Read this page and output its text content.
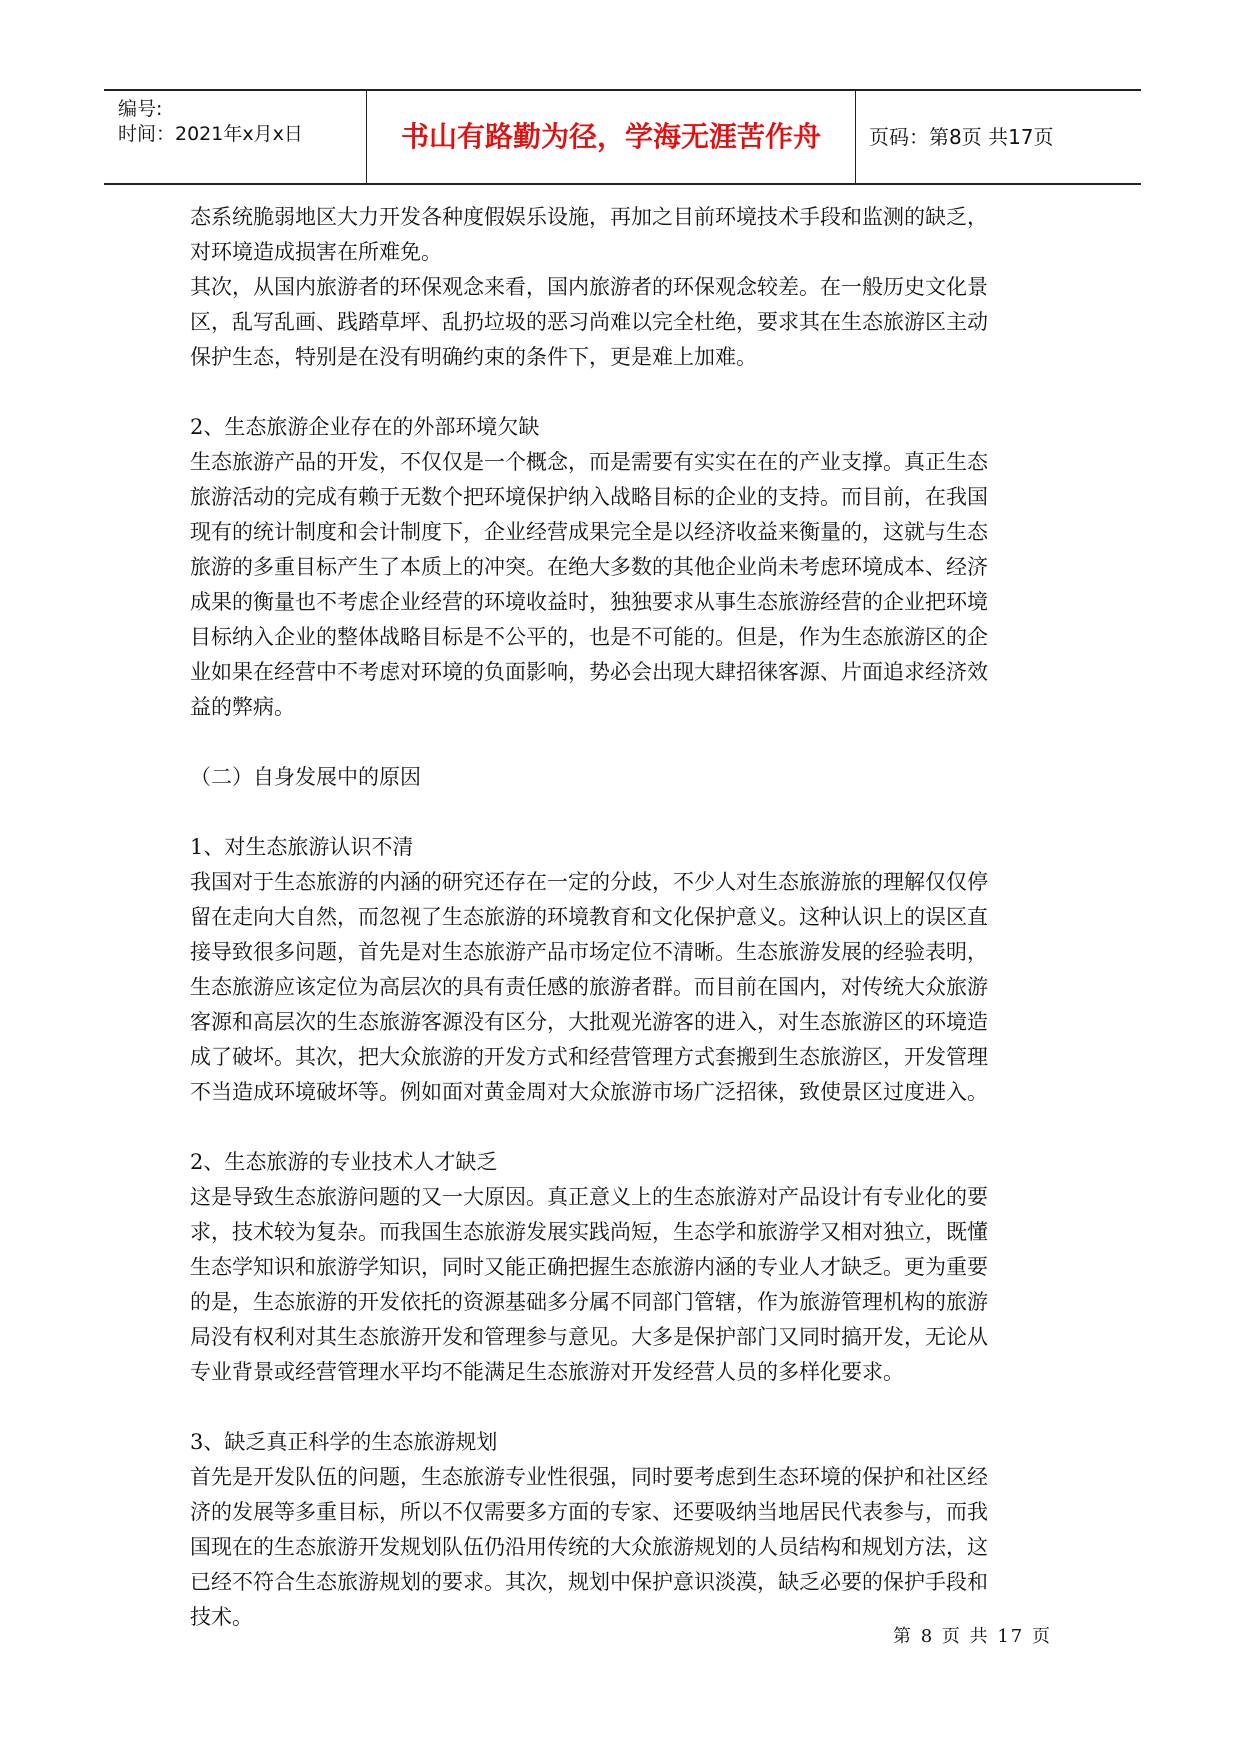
编号:
时间：2021年x月x日	书山有路勤为径，学海无涯苦作舟	页码：第8页 共17页

态系统脆弱地区大力开发各种度假娱乐设施，再加之目前环境技术手段和监测的缺乏，

对环境造成损害在所难免。

其次，从国内旅游者的环保观念来看，国内旅游者的环保观念较差。在一般历史文化景

区，乱写乱画、践踏草坪、乱扔垃圾的恶习尚难以完全杜绝，要求其在生态旅游区主动

保护生态，特别是在没有明确约束的条件下，更是难上加难。

2、生态旅游企业存在的外部环境欠缺

生态旅游产品的开发，不仅仅是一个概念，而是需要有实实在在的产业支撑。真正生态

旅游活动的完成有赖于无数个把环境保护纳入战略目标的企业的支持。而目前，在我国

现有的统计制度和会计制度下，企业经营成果完全是以经济收益来衡量的，这就与生态

旅游的多重目标产生了本质上的冲突。在绝大多数的其他企业尚未考虑环境成本、经济

成果的衡量也不考虑企业经营的环境收益时，独独要求从事生态旅游经营的企业把环境

目标纳入企业的整体战略目标是不公平的，也是不可能的。但是，作为生态旅游区的企

业如果在经营中不考虑对环境的负面影响，势必会出现大肆招徕客源、片面追求经济效

益的弊病。

（二）自身发展中的原因

1、对生态旅游认识不清

我国对于生态旅游的内涵的研究还存在一定的分歧，不少人对生态旅游旅的理解仅仅停

留在走向大自然，而忽视了生态旅游的环境教育和文化保护意义。这种认识上的误区直

接导致很多问题，首先是对生态旅游产品市场定位不清晰。生态旅游发展的经验表明，

生态旅游应该定位为高层次的具有责任感的旅游者群。而目前在国内，对传统大众旅游

客源和高层次的生态旅游客源没有区分，大批观光游客的进入，对生态旅游区的环境造

成了破坏。其次，把大众旅游的开发方式和经营管理方式套搬到生态旅游区，开发管理

不当造成环境破坏等。例如面对黄金周对大众旅游市场广泛招徕，致使景区过度进入。

2、生态旅游的专业技术人才缺乏

这是导致生态旅游问题的又一大原因。真正意义上的生态旅游对产品设计有专业化的要

求，技术较为复杂。而我国生态旅游发展实践尚短，生态学和旅游学又相对独立，既懂

生态学知识和旅游学知识，同时又能正确把握生态旅游内涵的专业人才缺乏。更为重要

的是，生态旅游的开发依托的资源基础多分属不同部门管辖，作为旅游管理机构的旅游

局没有权利对其生态旅游开发和管理参与意见。大多是保护部门又同时搞开发，无论从

专业背景或经营管理水平均不能满足生态旅游对开发经营人员的多样化要求。

3、缺乏真正科学的生态旅游规划

首先是开发队伍的问题，生态旅游专业性很强，同时要考虑到生态环境的保护和社区经

济的发展等多重目标，所以不仅需要多方面的专家、还要吸纳当地居民代表参与，而我

国现在的生态旅游开发规划队伍仍沿用传统的大众旅游规划的人员结构和规划方法，这

已经不符合生态旅游规划的要求。其次，规划中保护意识淡漠，缺乏必要的保护手段和

技术。

第 8 页 共 17 页
